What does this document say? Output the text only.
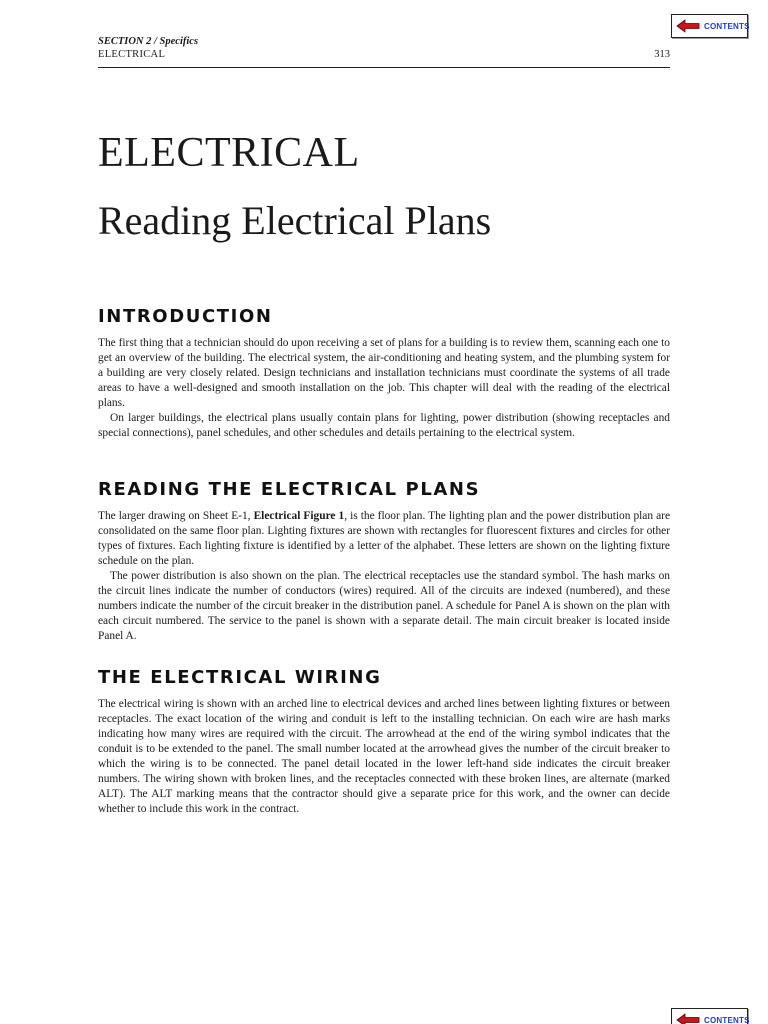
CONTENTS
SECTION 2 / Specifics
ELECTRICAL	313
ELECTRICAL
Reading Electrical Plans
INTRODUCTION

The first thing that a technician should do upon receiving a set of plans for a building is to review them, scanning each one to get an overview of the building. The electrical system, the air-conditioning and heating system, and the plumbing system for a building are very closely related. Design technicians and installation technicians must coordinate the systems of all trade areas to have a well-designed and smooth installation on the job. This chapter will deal with the reading of the electrical plans.

On larger buildings, the electrical plans usually contain plans for lighting, power distribution (showing receptacles and special connections), panel schedules, and other schedules and details pertaining to the electrical system.

READING THE ELECTRICAL PLANS

The larger drawing on Sheet E-1, Electrical Figure 1, is the floor plan. The lighting plan and the power distribution plan are consolidated on the same floor plan. Lighting fixtures are shown with rectangles for fluorescent fixtures and circles for other types of fixtures. Each lighting fixture is identified by a letter of the alphabet. These letters are shown on the lighting fixture schedule on the plan.

The power distribution is also shown on the plan. The electrical receptacles use the standard symbol. The hash marks on the circuit lines indicate the number of conductors (wires) required. All of the circuits are indexed (numbered), and these numbers indicate the number of the circuit breaker in the distribution panel. A schedule for Panel A is shown on the plan with each circuit numbered. The service to the panel is shown with a separate detail. The main circuit breaker is located inside Panel A.

THE ELECTRICAL WIRING

The electrical wiring is shown with an arched line to electrical devices and arched lines between lighting fixtures or between receptacles. The exact location of the wiring and conduit is left to the installing technician. On each wire are hash marks indicating how many wires are required with the circuit. The arrowhead at the end of the wiring symbol indicates that the conduit is to be extended to the panel. The small number located at the arrowhead gives the number of the circuit breaker to which the wiring is to be connected. The panel detail located in the lower left-hand side indicates the circuit breaker numbers. The wiring shown with broken lines, and the receptacles connected with these broken lines, are alternate (marked ALT). The ALT marking means that the contractor should give a separate price for this work, and the owner can decide whether to include this work in the contract.

CONTENTS
